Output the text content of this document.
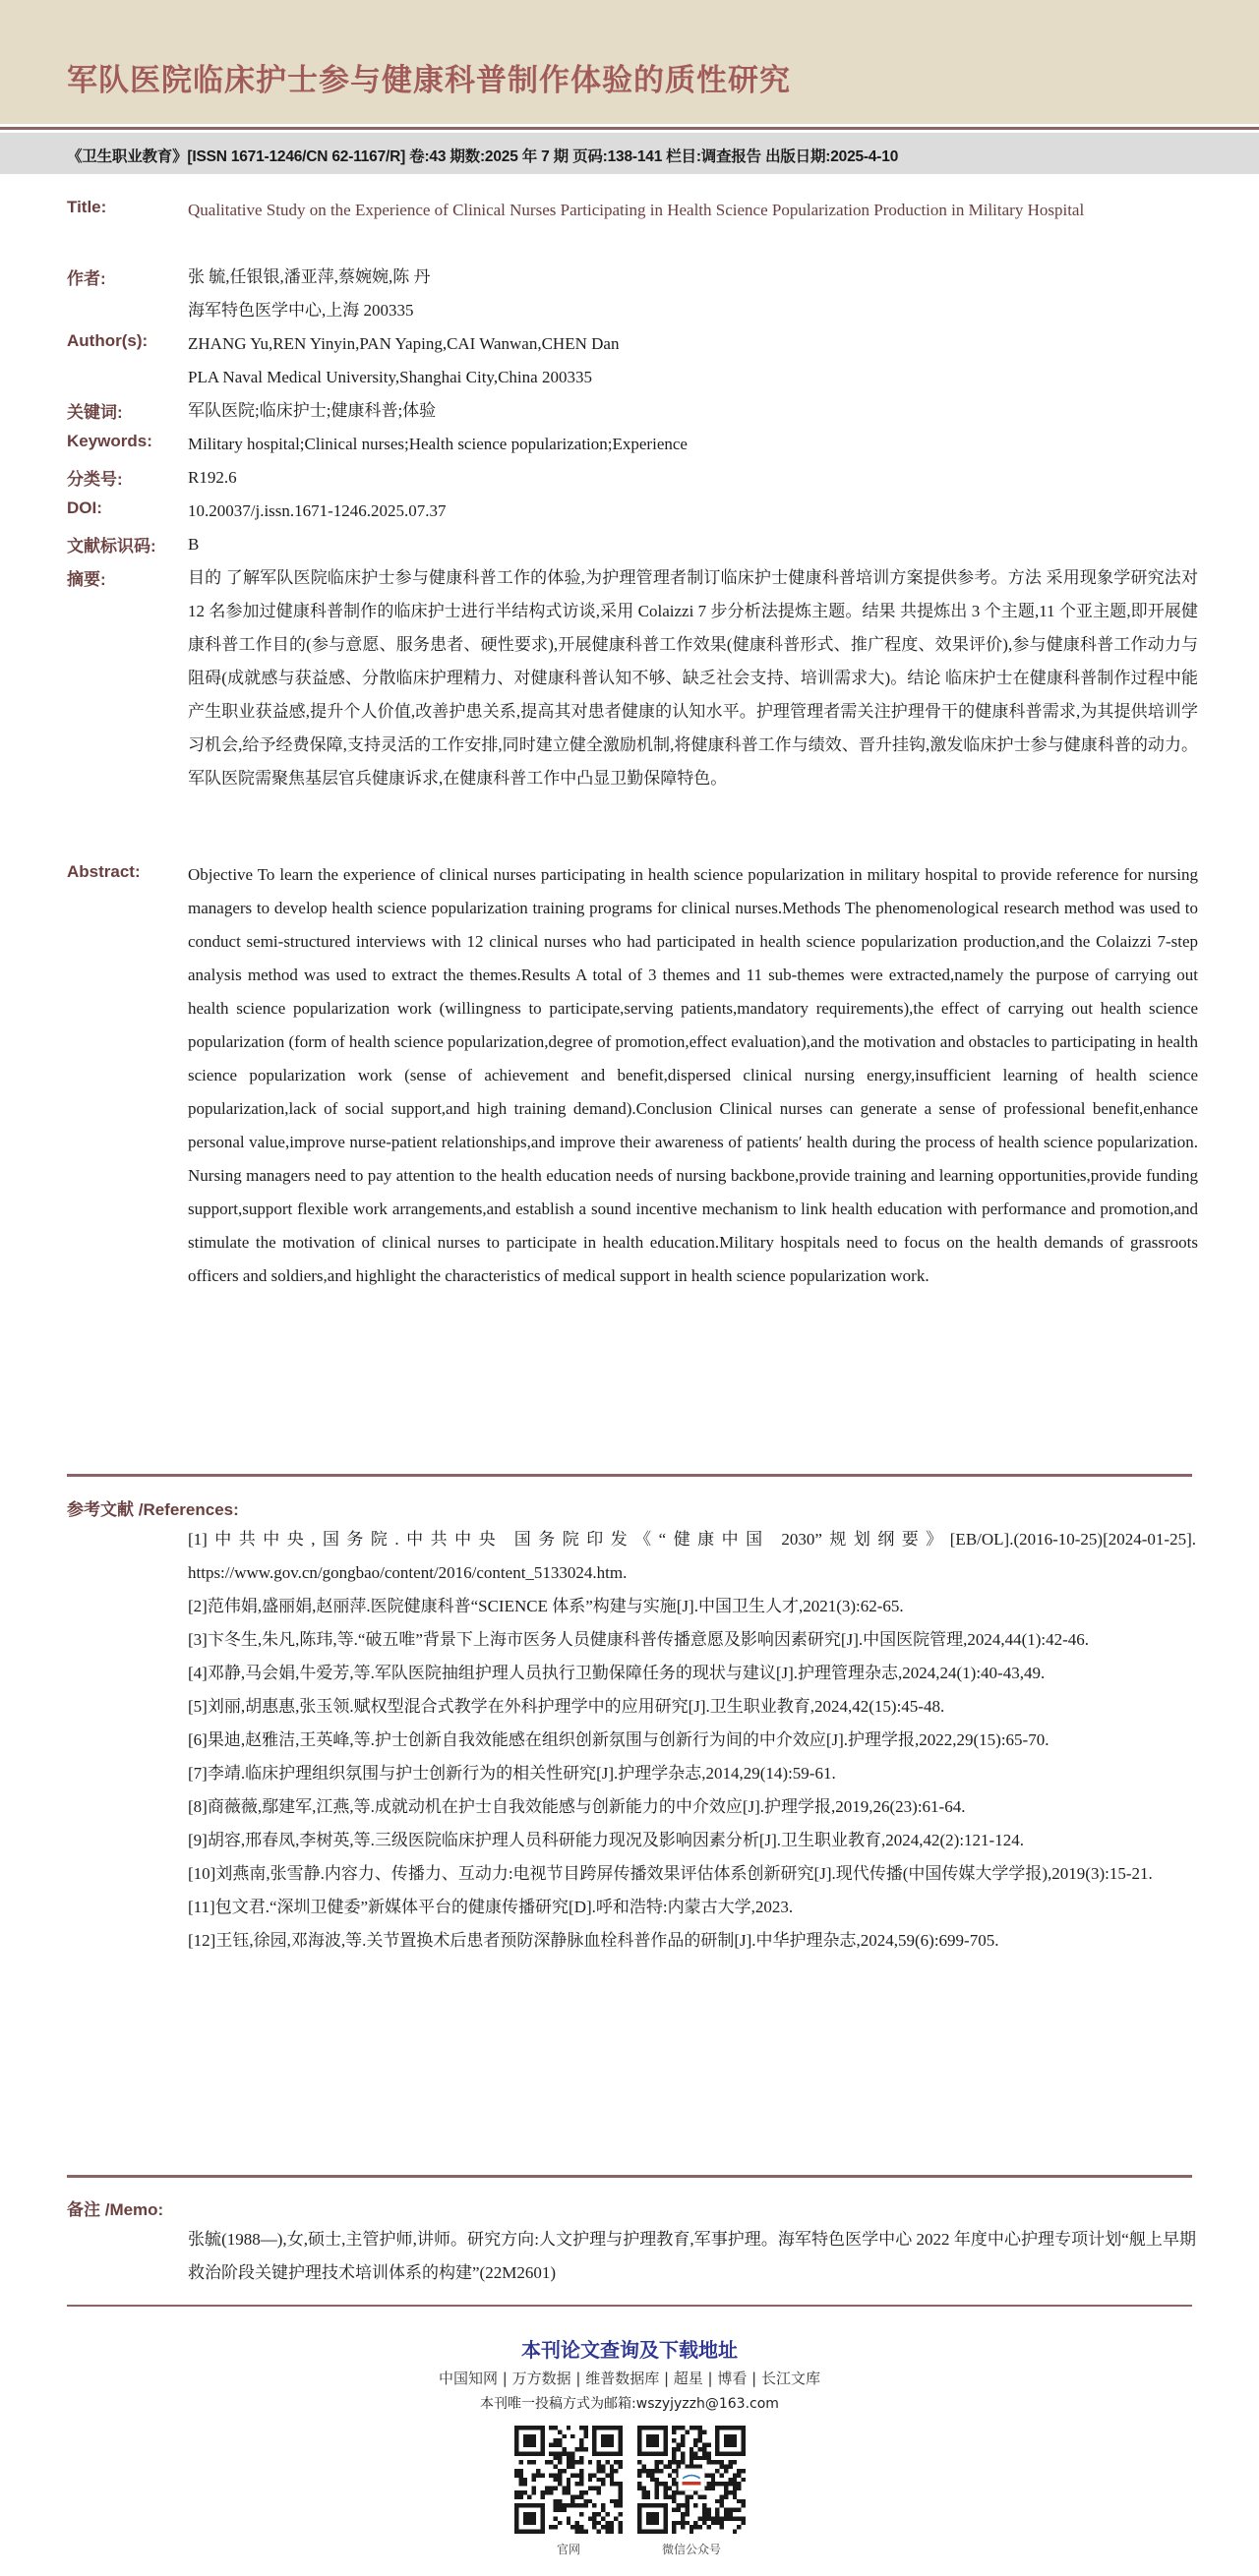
军队医院临床护士参与健康科普制作体验的质性研究
《卫生职业教育》[ISSN 1671-1246/CN 62-1167/R] 卷:43 期数:2025 年 7 期 页码:138-141 栏目:调查报告 出版日期:2025-4-10
Title:	Qualitative Study on the Experience of Clinical Nurses Participating in Health Science Popularization Production in Military Hospital
作者:	张 毓,任银银,潘亚萍,蔡婉婉,陈 丹

海军特色医学中心,上海 200335

Author(s): ZHANG Yu,REN Yinyin,PAN Yaping,CAI Wanwan,CHEN Dan

PLA Naval Medical University,Shanghai City,China 200335

关键词:	军队医院;临床护士;健康科普;体验
Keywords: Military hospital;Clinical nurses;Health science popularization;Experience
分类号:	R192.6
DOI:	10.20037/j.issn.1671-1246.2025.07.37
文献标识码: B
摘要:	目的 了解军队医院临床护士参与健康科普工作的体验,为护理管理者制订临床护士健康科普培训方案提供参考。方法 采用现象学研究法对 12 名参加过健康科普制作的临床护士进行半结构式访谈,采用 Colaizzi 7 步分析法提炼主题。结果 共提炼出 3 个主题,11 个亚主题,即开展健康科普工作目的(参与意愿、服务患者、硬性要求),开展健康科普工作效果(健康科普形式、推广程度、效果评价),参与健康科普工作动力与阻碍(成就感与获益感、分散临床护理精力、对健康科普认知不够、缺乏社会支持、培训需求大)。结论 临床护士在健康科普制作过程中能产生职业获益感,提升个人价值,改善护患关系,提高其对患者健康的认知水平。护理管理者需关注护理骨干的健康科普需求,为其提供培训学习机会,给予经费保障,支持灵活的工作安排,同时建立健全激励机制,将健康科普工作与绩效、晋升挂钩,激发临床护士参与健康科普的动力。军队医院需聚焦基层官兵健康诉求,在健康科普工作中凸显卫勤保障特色。
Abstract:	Objective To learn the experience of clinical nurses participating in health science popularization in military hospital to provide reference for nursing managers to develop health science popularization training programs for clinical nurses.Methods The phenomenological research method was used to conduct semi-structured interviews with 12 clinical nurses who had participated in health science popularization production,and the Colaizzi 7-step analysis method was used to extract the themes.Results A total of 3 themes and 11 sub-themes were extracted,namely the purpose of carrying out health science popularization work (willingness to participate,serving patients,mandatory requirements),the effect of carrying out health science popularization (form of health science popularization,degree of promotion,effect evaluation),and the motivation and obstacles to participating in health science popularization work (sense of achievement and benefit,dispersed clinical nursing energy,insufficient learning of health science popularization,lack of social support,and high training demand).Conclusion Clinical nurses can generate a sense of professional benefit,enhance personal value,improve nurse-patient relationships,and improve their awareness of patients′ health during the process of health science popularization. Nursing managers need to pay attention to the health education needs of nursing backbone,provide training and learning opportunities,provide funding support,support flexible work arrangements,and establish a sound incentive mechanism to link health education with performance and promotion,and stimulate the motivation of clinical nurses to participate in health education.Military hospitals need to focus on the health demands of grassroots officers and soldiers,and highlight the characteristics of medical support in health science popularization work.
参考文献 /References:

[1]中共中央,国务院.中共中央 国务院印发《“健康中国 2030”规划纲要》[EB/OL].(2016-10-25)[2024-01-25]. https://www.gov.cn/gongbao/content/2016/content_5133024.htm.

[2]范伟娟,盛丽娟,赵丽萍.医院健康科普“SCIENCE 体系”构建与实施[J].中国卫生人才,2021(3):62-65.

[3]卞冬生,朱凡,陈玮,等.“破五唯”背景下上海市医务人员健康科普传播意愿及影响因素研究[J].中国医院管理,2024,44(1):42-46.

[4]邓静,马会娟,牛爱芳,等.军队医院抽组护理人员执行卫勤保障任务的现状与建议[J].护理管理杂志,2024,24(1):40-43,49.

[5]刘丽,胡惠惠,张玉领.赋权型混合式教学在外科护理学中的应用研究[J].卫生职业教育,2024,42(15):45-48.

[6]果迪,赵雅洁,王英峰,等.护士创新自我效能感在组织创新氛围与创新行为间的中介效应[J].护理学报,2022,29(15):65-70.

[7]李靖.临床护理组织氛围与护士创新行为的相关性研究[J].护理学杂志,2014,29(14):59-61.

[8]商薇薇,鄢建军,江燕,等.成就动机在护士自我效能感与创新能力的中介效应[J].护理学报,2019,26(23):61-64.

[9]胡容,邢春凤,李树英,等.三级医院临床护理人员科研能力现况及影响因素分析[J].卫生职业教育,2024,42(2):121-124.

[10]刘燕南,张雪静.内容力、传播力、互动力:电视节目跨屏传播效果评估体系创新研究[J].现代传播(中国传媒大学学报),2019(3):15-21.

[11]包文君.“深圳卫健委”新媒体平台的健康传播研究[D].呼和浩特:内蒙古大学,2023.

[12]王钰,徐园,邓海波,等.关节置换术后患者预防深静脉血栓科普作品的研制[J].中华护理杂志,2024,59(6):699-705.

备注 /Memo:

张毓(1988—),女,硕士,主管护师,讲师。研究方向:人文护理与护理教育,军事护理。海军特色医学中心 2022 年度中心护理专项计划“舰上早期救治阶段关键护理技术培训体系的构建”(22M2601)

本刊论文查询及下载地址
中国知网 | 万方数据 | 维普数据库 | 超星 | 博看 | 长江文库
本刊唯一投稿方式为邮箱:wszyjyzzh@163.com
官网	微信公众号
